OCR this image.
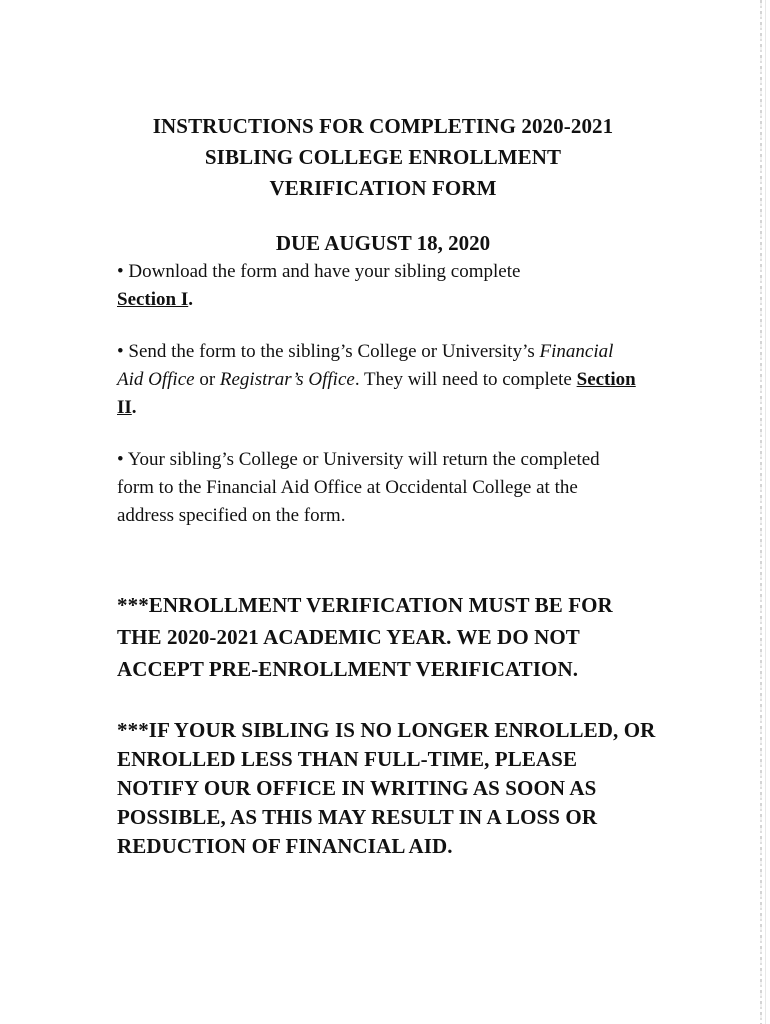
INSTRUCTIONS FOR COMPLETING 2020-2021
SIBLING COLLEGE ENROLLMENT
VERIFICATION FORM
DUE AUGUST 18, 2020
• Download the form and have your sibling complete
Section I.
• Send the form to the sibling’s College or University’s Financial Aid Office or Registrar’s Office. They will need to complete Section II.
• Your sibling’s College or University will return the completed form to the Financial Aid Office at Occidental College at the address specified on the form.
***ENROLLMENT VERIFICATION MUST BE FOR
THE 2020-2021 ACADEMIC YEAR. WE DO NOT
ACCEPT PRE-ENROLLMENT VERIFICATION.
***IF YOUR SIBLING IS NO LONGER ENROLLED, OR ENROLLED LESS THAN FULL-TIME, PLEASE NOTIFY OUR OFFICE IN WRITING AS SOON AS POSSIBLE, AS THIS MAY RESULT IN A LOSS OR REDUCTION OF FINANCIAL AID.
